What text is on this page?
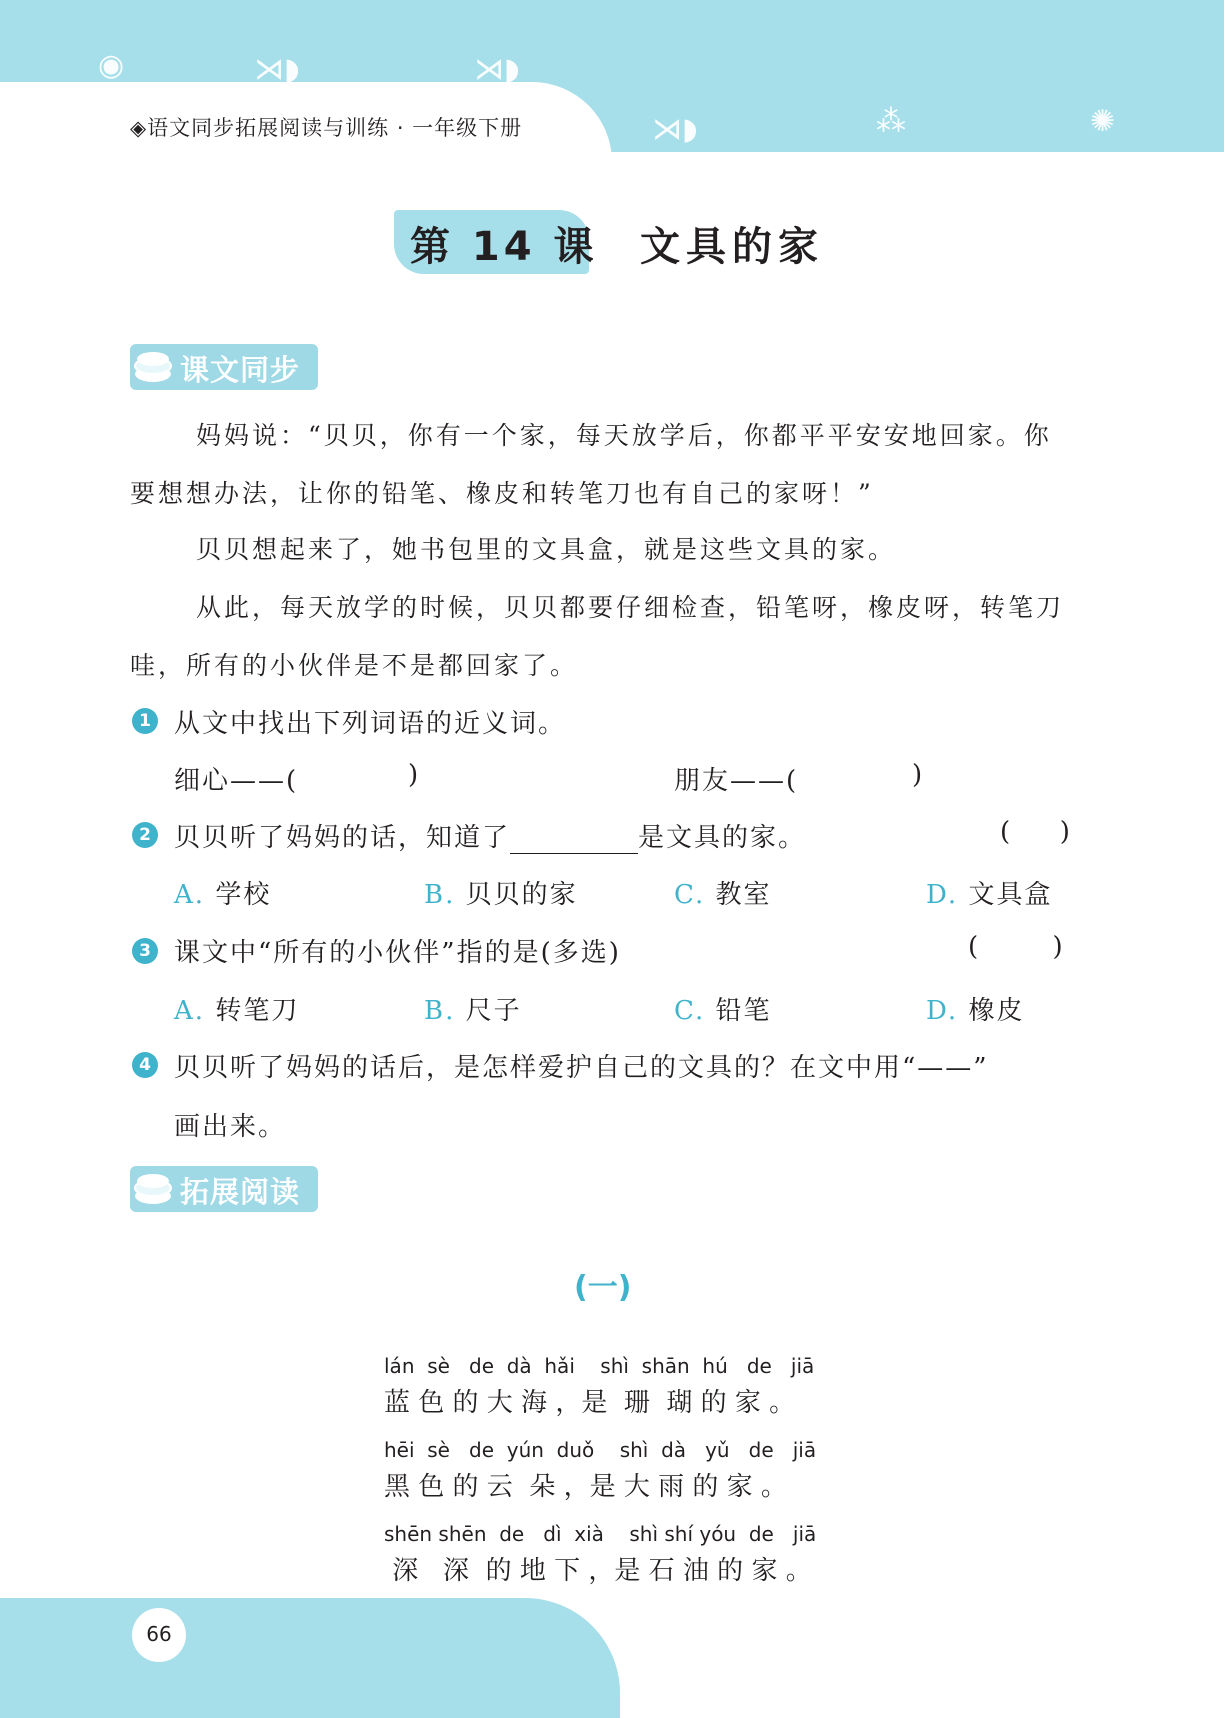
◉	⋊◗	⋊◗
⋊◗	⁂	✺
◈语文同步拓展阅读与训练 · 一年级下册
第 14 课 文具的家
课文同步
妈妈说：“贝贝，你有一个家，每天放学后，你都平平安安地回家。你
要想想办法，让你的铅笔、橡皮和转笔刀也有自己的家呀！”
贝贝想起来了，她书包里的文具盒，就是这些文具的家。
从此，每天放学的时候，贝贝都要仔细检查，铅笔呀，橡皮呀，转笔刀
哇，所有的小伙伴是不是都回家了。
1 从文中找出下列词语的近义词。
细心——(	)	朋友——(	)
2 贝贝听了妈妈的话，知道了	是文具的家。	(      )
A. 学校	B. 贝贝的家	C. 教室	D. 文具盒
3 课文中“所有的小伙伴”指的是(多选)	(         )
A. 转笔刀	B. 尺子	C. 铅笔	D. 橡皮
4 贝贝听了妈妈的话后，是怎样爱护自己的文具的？在文中用“——”
画出来。
拓展阅读
(一)
lán  sè   de  dà  hǎi    shì  shān  hú   de   jiā
蓝 色 的 大 海 ，是  珊  瑚 的 家 。
hēi  sè   de  yún  duǒ    shì  dà   yǔ   de   jiā
黑 色 的 云  朵 ，是 大 雨 的 家 。
shēn shēn  de   dì  xià    shì shí yóu  de   jiā
深   深  的 地 下 ，是 石 油 的 家 。
66
